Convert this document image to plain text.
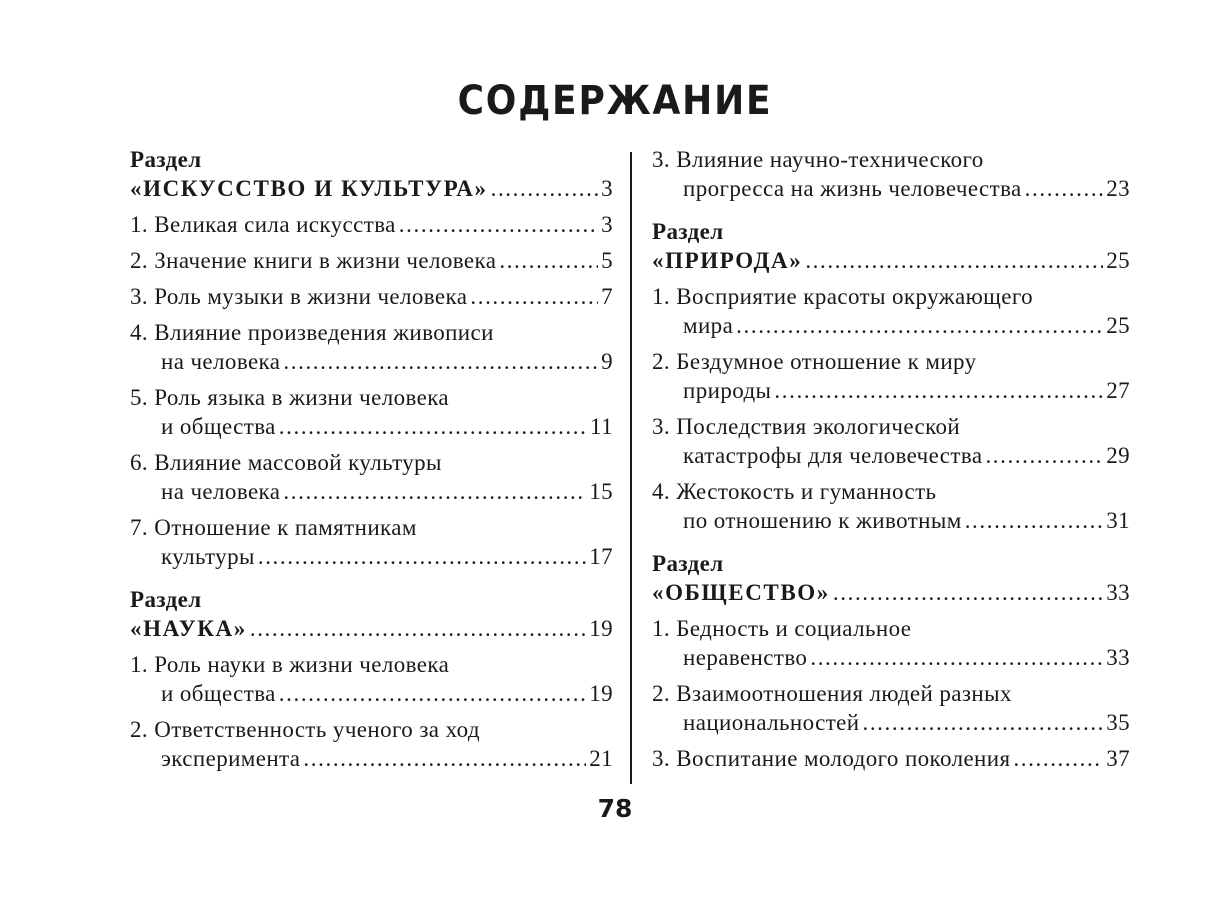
СОДЕРЖАНИЕ
Раздел
«ИСКУССТВО И КУЛЬТУРА» .....	3
1. Великая сила искусства .....	3
2. Значение книги в жизни человека .....	5
3. Роль музыки в жизни человека .....	7
4. Влияние произведения живописи
на человека .....	9
5. Роль языка в жизни человека
и общества .....	11
6. Влияние массовой культуры
на человека .....	15
7. Отношение к памятникам
культуры .....	17
Раздел
«НАУКА» .....	19
1. Роль науки в жизни человека
и общества .....	19
2. Ответственность ученого за ход
эксперимента .....	21
3. Влияние научно-технического
прогресса на жизнь человечества .....	23
Раздел
«ПРИРОДА» .....	25
1. Восприятие красоты окружающего
мира .....	25
2. Бездумное отношение к миру
природы .....	27
3. Последствия экологической
катастрофы для человечества .....	29
4. Жестокость и гуманность
по отношению к животным .....	31
Раздел
«ОБЩЕСТВО» .....	33
1. Бедность и социальное
неравенство .....	33
2. Взаимоотношения людей разных
национальностей .....	35
3. Воспитание молодого поколения .....	37
78
